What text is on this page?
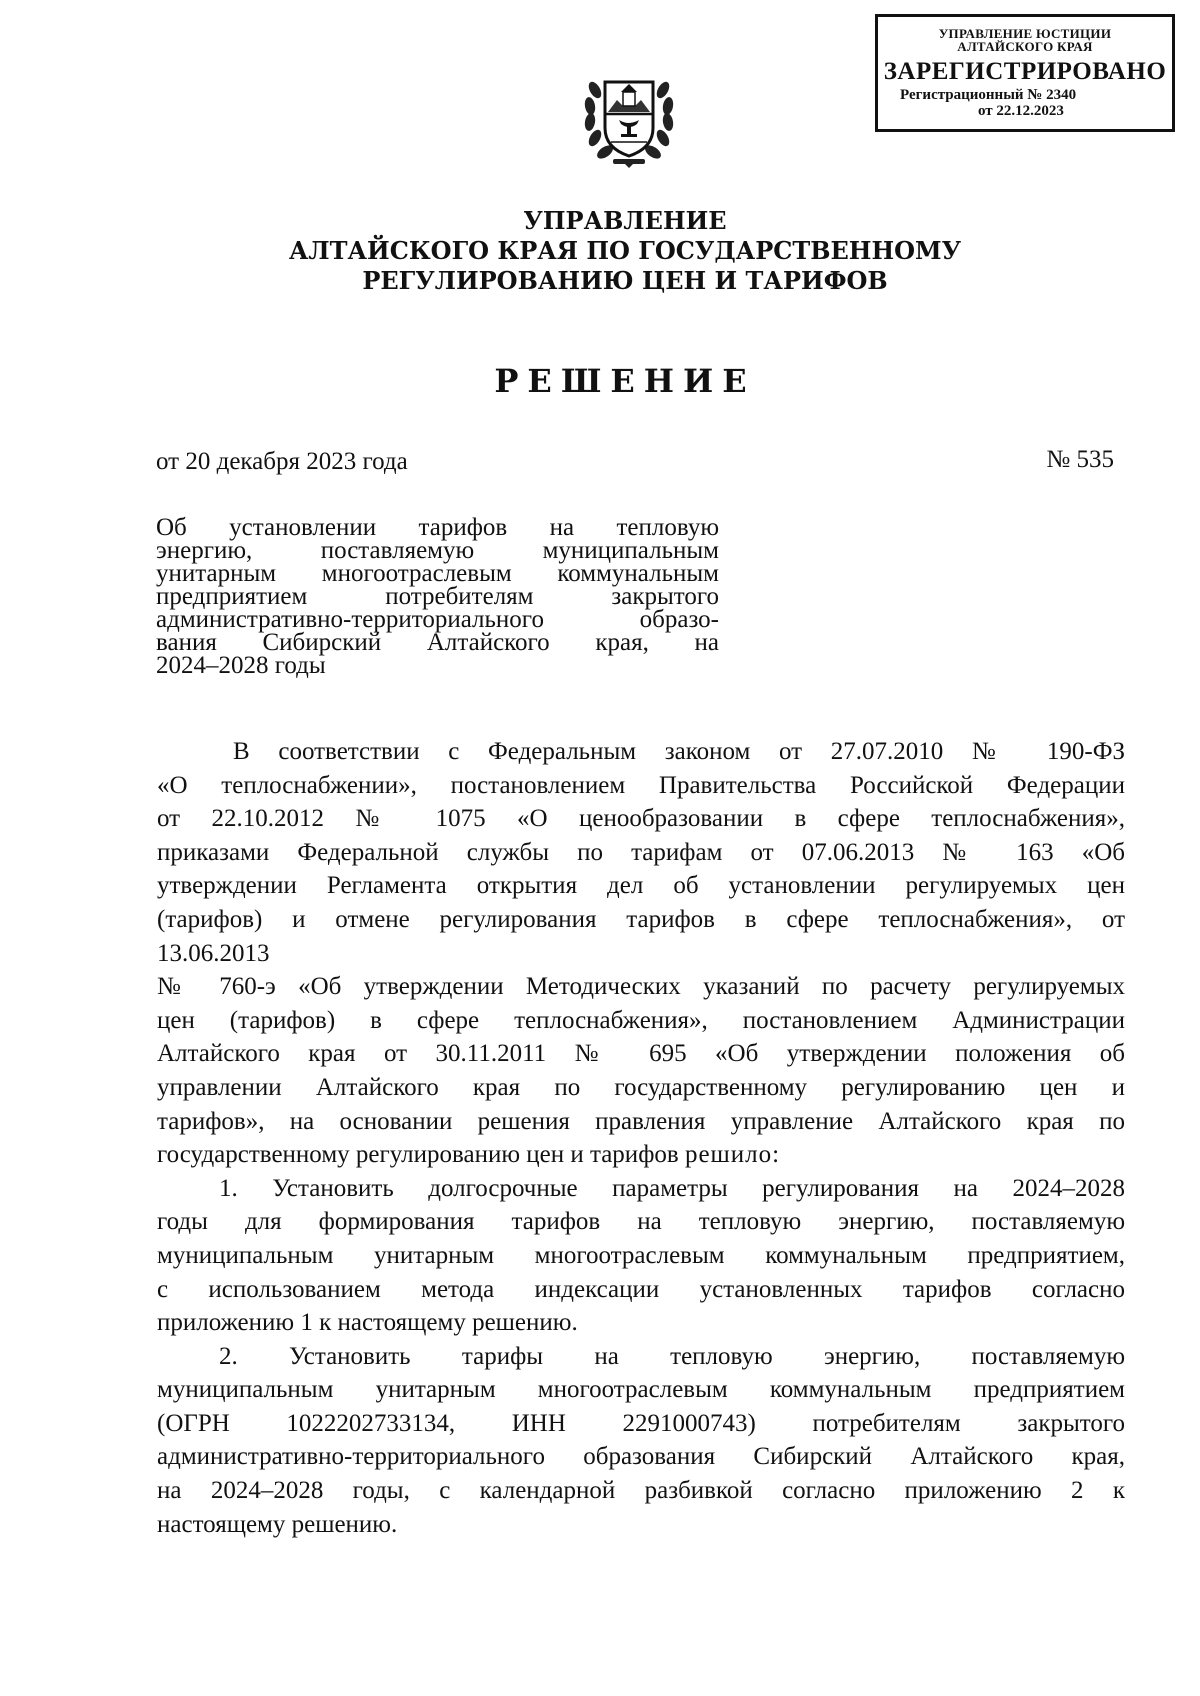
УПРАВЛЕНИЕ ЮСТИЦИИ
АЛТАЙСКОГО КРАЯ
ЗАРЕГИСТРИРОВАНО
Регистрационный № 2340
от 22.12.2023
УПРАВЛЕНИЕ
АЛТАЙСКОГО КРАЯ ПО ГОСУДАРСТВЕННОМУ
РЕГУЛИРОВАНИЮ ЦЕН И ТАРИФОВ
РЕШЕНИЕ
от 20 декабря 2023 года	№ 535
Об установлении тарифов на тепловую
энергию, поставляемую муниципальным
унитарным многоотраслевым коммунальным
предприятием потребителям закрытого
административно-территориального образо-
вания Сибирский Алтайского края, на
2024–2028 годы
В соответствии с Федеральным законом от 27.07.2010 № 190-ФЗ
«О теплоснабжении», постановлением Правительства Российской Федерации
от 22.10.2012 № 1075 «О ценообразовании в сфере теплоснабжения»,
приказами Федеральной службы по тарифам от 07.06.2013 № 163 «Об
утверждении Регламента открытия дел об установлении регулируемых цен
(тарифов) и отмене регулирования тарифов в сфере теплоснабжения», от
13.06.2013
№ 760-э «Об утверждении Методических указаний по расчету регулируемых
цен (тарифов) в сфере теплоснабжения», постановлением Администрации
Алтайского края от 30.11.2011 № 695 «Об утверждении положения об
управлении Алтайского края по государственному регулированию цен и
тарифов», на основании решения правления управление Алтайского края по
государственному регулированию цен и тарифов решило:
1. Установить долгосрочные параметры регулирования на 2024–2028
годы для формирования тарифов на тепловую энергию, поставляемую
муниципальным унитарным многоотраслевым коммунальным предприятием,
с использованием метода индексации установленных тарифов согласно
приложению 1 к настоящему решению.
2. Установить тарифы на тепловую энергию, поставляемую
муниципальным унитарным многоотраслевым коммунальным предприятием
(ОГРН 1022202733134, ИНН 2291000743) потребителям закрытого
административно-территориального образования Сибирский Алтайского края,
на 2024–2028 годы, с календарной разбивкой согласно приложению 2 к
настоящему решению.
